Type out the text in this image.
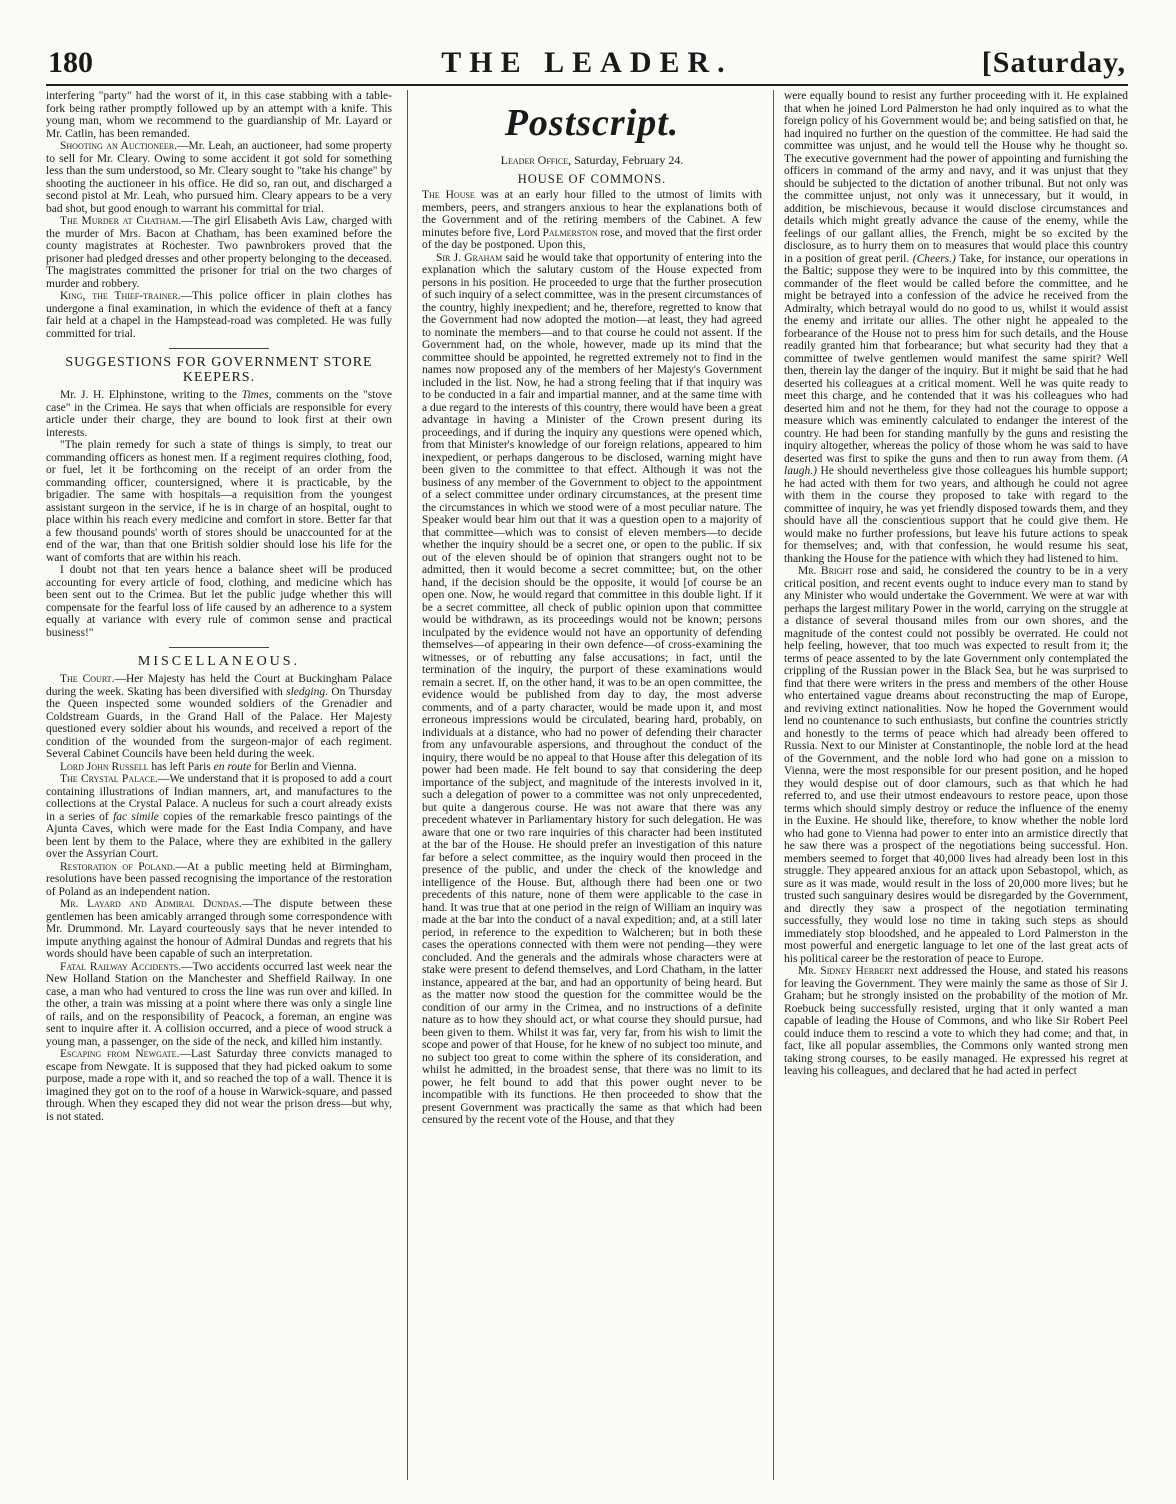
180	THE LEADER.	[Saturday,

interfering "party" had the worst of it, in this case stabbing with a table-fork being rather promptly followed up by an attempt with a knife. This young man, whom we recommend to the guardianship of Mr. Layard or Mr. Catlin, has been remanded.

Shooting an Auctioneer.—Mr. Leah, an auctioneer, had some property to sell for Mr. Cleary. Owing to some accident it got sold for something less than the sum understood, so Mr. Cleary sought to "take his change" by shooting the auctioneer in his office. He did so, ran out, and discharged a second pistol at Mr. Leah, who pursued him. Cleary appears to be a very bad shot, but good enough to warrant his committal for trial.

The Murder at Chatham.—The girl Elisabeth Avis Law, charged with the murder of Mrs. Bacon at Chatham, has been examined before the county magistrates at Rochester. Two pawnbrokers proved that the prisoner had pledged dresses and other property belonging to the deceased. The magistrates committed the prisoner for trial on the two charges of murder and robbery.

King, the Thief-trainer.—This police officer in plain clothes has undergone a final examination, in which the evidence of theft at a fancy fair held at a chapel in the Hampstead-road was completed. He was fully committed for trial.

SUGGESTIONS FOR GOVERNMENT STORE KEEPERS.

Mr. J. H. Elphinstone, writing to the Times, comments on the "stove case" in the Crimea. He says that when officials are responsible for every article under their charge, they are bound to look first at their own interests.

"The plain remedy for such a state of things is simply, to treat our commanding officers as honest men. If a regiment requires clothing, food, or fuel, let it be forthcoming on the receipt of an order from the commanding officer, countersigned, where it is practicable, by the brigadier. The same with hospitals—a requisition from the youngest assistant surgeon in the service, if he is in charge of an hospital, ought to place within his reach every medicine and comfort in store. Better far that a few thousand pounds' worth of stores should be unaccounted for at the end of the war, than that one British soldier should lose his life for the want of comforts that are within his reach.

I doubt not that ten years hence a balance sheet will be produced accounting for every article of food, clothing, and medicine which has been sent out to the Crimea. But let the public judge whether this will compensate for the fearful loss of life caused by an adherence to a system equally at variance with every rule of common sense and practical business!"

MISCELLANEOUS.

The Court.—Her Majesty has held the Court at Buckingham Palace during the week. Skating has been diversified with sledging. On Thursday the Queen inspected some wounded soldiers of the Grenadier and Coldstream Guards, in the Grand Hall of the Palace. Her Majesty questioned every soldier about his wounds, and received a report of the condition of the wounded from the surgeon-major of each regiment. Several Cabinet Councils have been held during the week.

Lord John Russell has left Paris en route for Berlin and Vienna.

The Crystal Palace.—We understand that it is proposed to add a court containing illustrations of Indian manners, art, and manufactures to the collections at the Crystal Palace. A nucleus for such a court already exists in a series of fac simile copies of the remarkable fresco paintings of the Ajunta Caves, which were made for the East India Company, and have been lent by them to the Palace, where they are exhibited in the gallery over the Assyrian Court.

Restoration of Poland.—At a public meeting held at Birmingham, resolutions have been passed recognising the importance of the restoration of Poland as an independent nation.

Mr. Layard and Admiral Dundas.—The dispute between these gentlemen has been amicably arranged through some correspondence with Mr. Drummond. Mr. Layard courteously says that he never intended to impute anything against the honour of Admiral Dundas and regrets that his words should have been capable of such an interpretation.

Fatal Railway Accidents.—Two accidents occurred last week near the New Holland Station on the Manchester and Sheffield Railway. In one case, a man who had ventured to cross the line was run over and killed. In the other, a train was missing at a point where there was only a single line of rails, and on the responsibility of Peacock, a foreman, an engine was sent to inquire after it. A collision occurred, and a piece of wood struck a young man, a passenger, on the side of the neck, and killed him instantly.

Escaping from Newgate.—Last Saturday three convicts managed to escape from Newgate. It is supposed that they had picked oakum to some purpose, made a rope with it, and so reached the top of a wall. Thence it is imagined they got on to the roof of a house in Warwick-square, and passed through. When they escaped they did not wear the prison dress—but why, is not stated.

Postscript.
Leader Office, Saturday, February 24.
HOUSE OF COMMONS.

The House was at an early hour filled to the utmost of limits with members, peers, and strangers anxious to hear the explanations both of the Government and of the retiring members of the Cabinet. A few minutes before five, Lord Palmerston rose, and moved that the first order of the day be postponed. Upon this,

Sir J. Graham said he would take that opportunity of entering into the explanation which the salutary custom of the House expected from persons in his position. He proceeded to urge that the further prosecution of such inquiry of a select committee, was in the present circumstances of the country, highly inexpedient; and he, therefore, regretted to know that the Government had now adopted the motion—at least, they had agreed to nominate the members—and to that course he could not assent. If the Government had, on the whole, however, made up its mind that the committee should be appointed, he regretted extremely not to find in the names now proposed any of the members of her Majesty's Government included in the list. Now, he had a strong feeling that if that inquiry was to be conducted in a fair and impartial manner, and at the same time with a due regard to the interests of this country, there would have been a great advantage in having a Minister of the Crown present during its proceedings, and if during the inquiry any questions were opened which, from that Minister's knowledge of our foreign relations, appeared to him inexpedient, or perhaps dangerous to be disclosed, warning might have been given to the committee to that effect. Although it was not the business of any member of the Government to object to the appointment of a select committee under ordinary circumstances, at the present time the circumstances in which we stood were of a most peculiar nature. The Speaker would bear him out that it was a question open to a majority of that committee—which was to consist of eleven members—to decide whether the inquiry should be a secret one, or open to the public. If six out of the eleven should be of opinion that strangers ought not to be admitted, then it would become a secret committee; but, on the other hand, if the decision should be the opposite, it would [of course be an open one. Now, he would regard that committee in this double light. If it be a secret committee, all check of public opinion upon that committee would be withdrawn, as its proceedings would not be known; persons inculpated by the evidence would not have an opportunity of defending themselves—of appearing in their own defence—of cross-examining the witnesses, or of rebutting any false accusations; in fact, until the termination of the inquiry, the purport of these examinations would remain a secret. If, on the other hand, it was to be an open committee, the evidence would be published from day to day, the most adverse comments, and of a party character, would be made upon it, and most erroneous impressions would be circulated, bearing hard, probably, on individuals at a distance, who had no power of defending their character from any unfavourable aspersions, and throughout the conduct of the inquiry, there would be no appeal to that House after this delegation of its power had been made. He felt bound to say that considering the deep importance of the subject, and magnitude of the interests involved in it, such a delegation of power to a committee was not only unprecedented, but quite a dangerous course. He was not aware that there was any precedent whatever in Parliamentary history for such delegation. He was aware that one or two rare inquiries of this character had been instituted at the bar of the House. He should prefer an investigation of this nature far before a select committee, as the inquiry would then proceed in the presence of the public, and under the check of the knowledge and intelligence of the House. But, although there had been one or two precedents of this nature, none of them were applicable to the case in hand. It was true that at one period in the reign of William an inquiry was made at the bar into the conduct of a naval expedition; and, at a still later period, in reference to the expedition to Walcheren; but in both these cases the operations connected with them were not pending—they were concluded. And the generals and the admirals whose characters were at stake were present to defend themselves, and Lord Chatham, in the latter instance, appeared at the bar, and had an opportunity of being heard. But as the matter now stood the question for the committee would be the condition of our army in the Crimea, and no instructions of a definite nature as to how they should act, or what course they should pursue, had been given to them. Whilst it was far, very far, from his wish to limit the scope and power of that House, for he knew of no subject too minute, and no subject too great to come within the sphere of its consideration, and whilst he admitted, in the broadest sense, that there was no limit to its power, he felt bound to add that this power ought never to be incompatible with its functions. He then proceeded to show that the present Government was practically the same as that which had been censured by the recent vote of the House, and that they

were equally bound to resist any further proceeding with it. He explained that when he joined Lord Palmerston he had only inquired as to what the foreign policy of his Government would be; and being satisfied on that, he had inquired no further on the question of the committee. He had said the committee was unjust, and he would tell the House why he thought so. The executive government had the power of appointing and furnishing the officers in command of the army and navy, and it was unjust that they should be subjected to the dictation of another tribunal. But not only was the committee unjust, not only was it unnecessary, but it would, in addition, be mischievous, because it would disclose circumstances and details which might greatly advance the cause of the enemy, while the feelings of our gallant allies, the French, might be so excited by the disclosure, as to hurry them on to measures that would place this country in a position of great peril. (Cheers.) Take, for instance, our operations in the Baltic; suppose they were to be inquired into by this committee, the commander of the fleet would be called before the committee, and he might be betrayed into a confession of the advice he received from the Admiralty, which betrayal would do no good to us, whilst it would assist the enemy and irritate our allies. The other night he appealed to the forbearance of the House not to press him for such details, and the House readily granted him that forbearance; but what security had they that a committee of twelve gentlemen would manifest the same spirit? Well then, therein lay the danger of the inquiry. But it might be said that he had deserted his colleagues at a critical moment. Well he was quite ready to meet this charge, and he contended that it was his colleagues who had deserted him and not he them, for they had not the courage to oppose a measure which was eminently calculated to endanger the interest of the country. He had been for standing manfully by the guns and resisting the inquiry altogether, whereas the policy of those whom he was said to have deserted was first to spike the guns and then to run away from them. (A laugh.) He should nevertheless give those colleagues his humble support; he had acted with them for two years, and although he could not agree with them in the course they proposed to take with regard to the committee of inquiry, he was yet friendly disposed towards them, and they should have all the conscientious support that he could give them. He would make no further professions, but leave his future actions to speak for themselves; and, with that confession, he would resume his seat, thanking the House for the patience with which they had listened to him.

Mr. Bright rose and said, he considered the country to be in a very critical position, and recent events ought to induce every man to stand by any Minister who would undertake the Government. We were at war with perhaps the largest military Power in the world, carrying on the struggle at a distance of several thousand miles from our own shores, and the magnitude of the contest could not possibly be overrated. He could not help feeling, however, that too much was expected to result from it; the terms of peace assented to by the late Government only contemplated the crippling of the Russian power in the Black Sea, but he was surprised to find that there were writers in the press and members of the other House who entertained vague dreams about reconstructing the map of Europe, and reviving extinct nationalities. Now he hoped the Government would lend no countenance to such enthusiasts, but confine the countries strictly and honestly to the terms of peace which had already been offered to Russia. Next to our Minister at Constantinople, the noble lord at the head of the Government, and the noble lord who had gone on a mission to Vienna, were the most responsible for our present position, and he hoped they would despise out of door clamours, such as that which he had referred to, and use their utmost endeavours to restore peace, upon those terms which should simply destroy or reduce the influence of the enemy in the Euxine. He should like, therefore, to know whether the noble lord who had gone to Vienna had power to enter into an armistice directly that he saw there was a prospect of the negotiations being successful. Hon. members seemed to forget that 40,000 lives had already been lost in this struggle. They appeared anxious for an attack upon Sebastopol, which, as sure as it was made, would result in the loss of 20,000 more lives; but he trusted such sanguinary desires would be disregarded by the Government, and directly they saw a prospect of the negotiation terminating successfully, they would lose no time in taking such steps as should immediately stop bloodshed, and he appealed to Lord Palmerston in the most powerful and energetic language to let one of the last great acts of his political career be the restoration of peace to Europe.

Mr. Sidney Herbert next addressed the House, and stated his reasons for leaving the Government. They were mainly the same as those of Sir J. Graham; but he strongly insisted on the probability of the motion of Mr. Roebuck being successfully resisted, urging that it only wanted a man capable of leading the House of Commons, and who like Sir Robert Peel could induce them to rescind a vote to which they had come; and that, in fact, like all popular assemblies, the Commons only wanted strong men taking strong courses, to be easily managed. He expressed his regret at leaving his colleagues, and declared that he had acted in perfect
